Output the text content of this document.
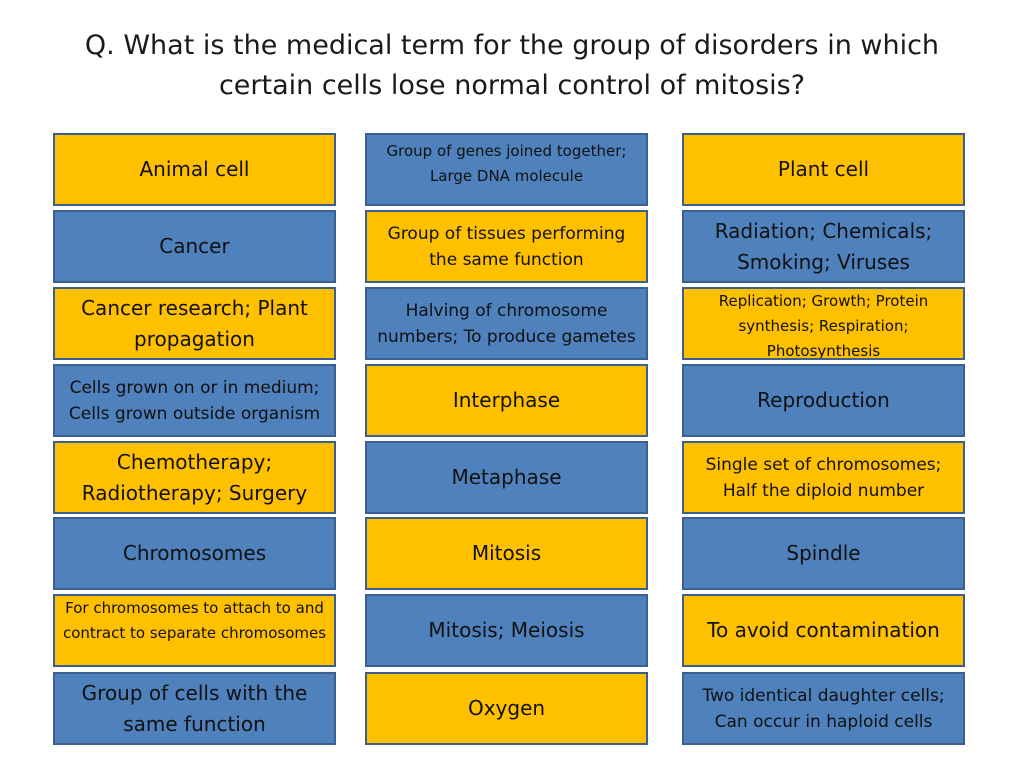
Q. What is the medical term for the group of disorders in which certain cells lose normal control of mitosis?
Animal cell
Group of genes joined together; Large DNA molecule	Plant cell
Cancer
Group of tissues performing the same function
Radiation; Chemicals; Smoking; Viruses
Cancer research; Plant propagation
Halving of chromosome numbers; To produce gametes
Replication; Growth; Protein synthesis; Respiration; Photosynthesis
Cells grown on or in medium; Cells grown outside organism
Interphase	Reproduction
Chemotherapy; Radiotherapy; Surgery
Metaphase
Single set of chromosomes; Half the diploid number
Chromosomes	Mitosis	Spindle
For chromosomes to attach to and contract to separate chromosomes	Mitosis; Meiosis	To avoid contamination
Group of cells with the same function
Oxygen
Two identical daughter cells; Can occur in haploid cells
